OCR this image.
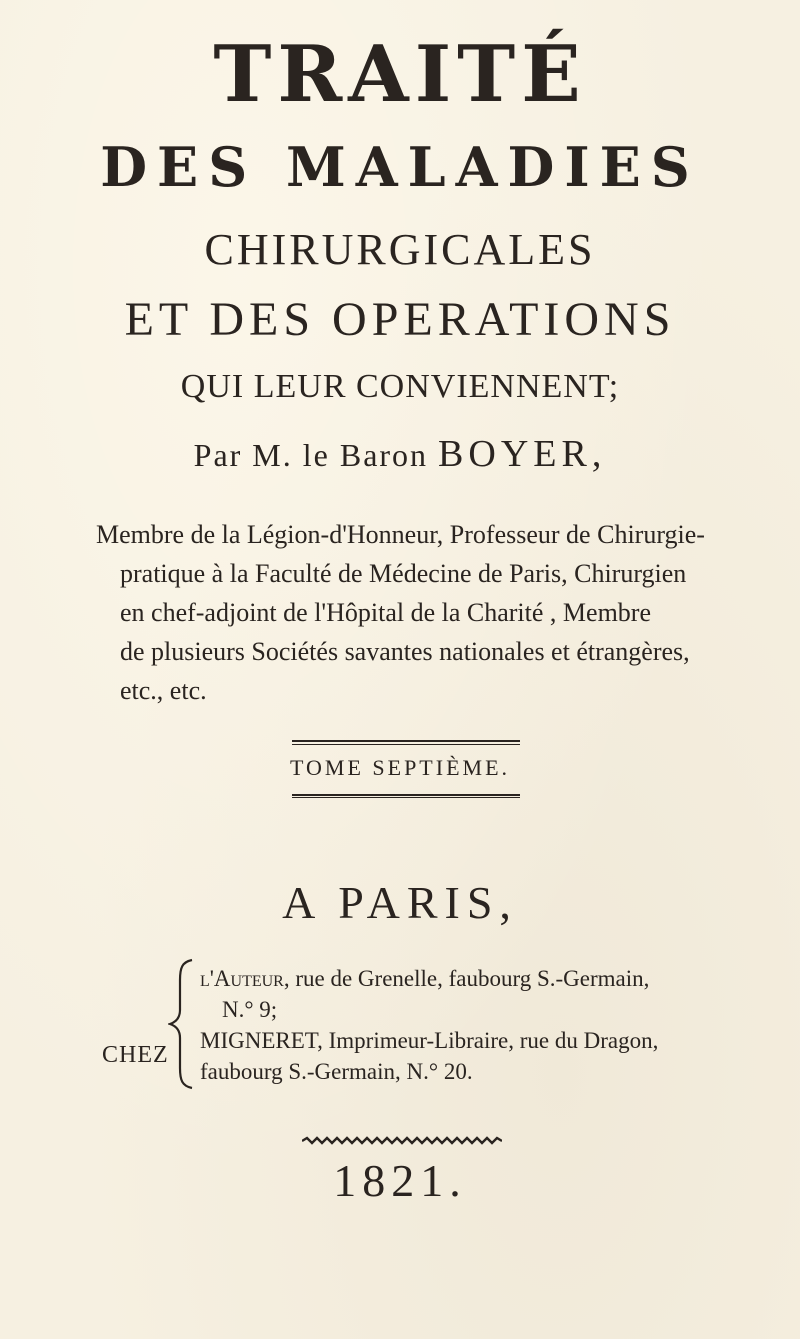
TRAITÉ
DES MALADIES
CHIRURGICALES
ET DES OPERATIONS
QUI LEUR CONVIENNENT;
Par M. le Baron BOYER,
Membre de la Légion-d'Honneur, Professeur de Chirurgie-
pratique à la Faculté de Médecine de Paris, Chirurgien
en chef-adjoint de l'Hôpital de la Charité , Membre
de plusieurs Sociétés savantes nationales et étrangères,
etc., etc.
TOME SEPTIÈME.
A PARIS,
CHEZ
l'Auteur, rue de Grenelle, faubourg S.-Germain,
N.° 9;
MIGNERET, Imprimeur-Libraire, rue du Dragon,
faubourg S.-Germain, N.° 20.
1821.
